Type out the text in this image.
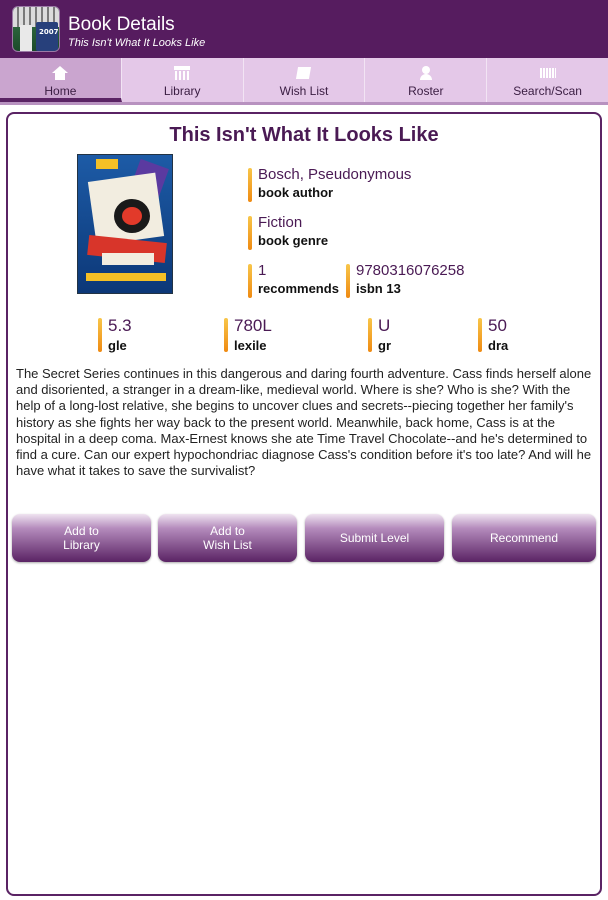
2007 Book Details
This Isn't What It Looks Like
Home	Library	Wish List	Roster	Search/Scan
This Isn't What It Looks Like
Bosch, Pseudonymous
book author
Fiction
book genre
1
recommends
9780316076258
isbn 13
5.3
gle
780L
lexile
U
gr
50
dra
The Secret Series continues in this dangerous and daring fourth adventure. Cass finds herself alone and disoriented, a stranger in a dream-like, medieval world. Where is she? Who is she? With the help of a long-lost relative, she begins to uncover clues and secrets--piecing together her family's history as she fights her way back to the present world. Meanwhile, back home, Cass is at the hospital in a deep coma. Max-Ernest knows she ate Time Travel Chocolate--and he's determined to find a cure. Can our expert hypochondriac diagnose Cass's condition before it's too late? And will he have what it takes to save the survivalist?
Add to
Library
Add to
Wish List	Submit Level	Recommend
